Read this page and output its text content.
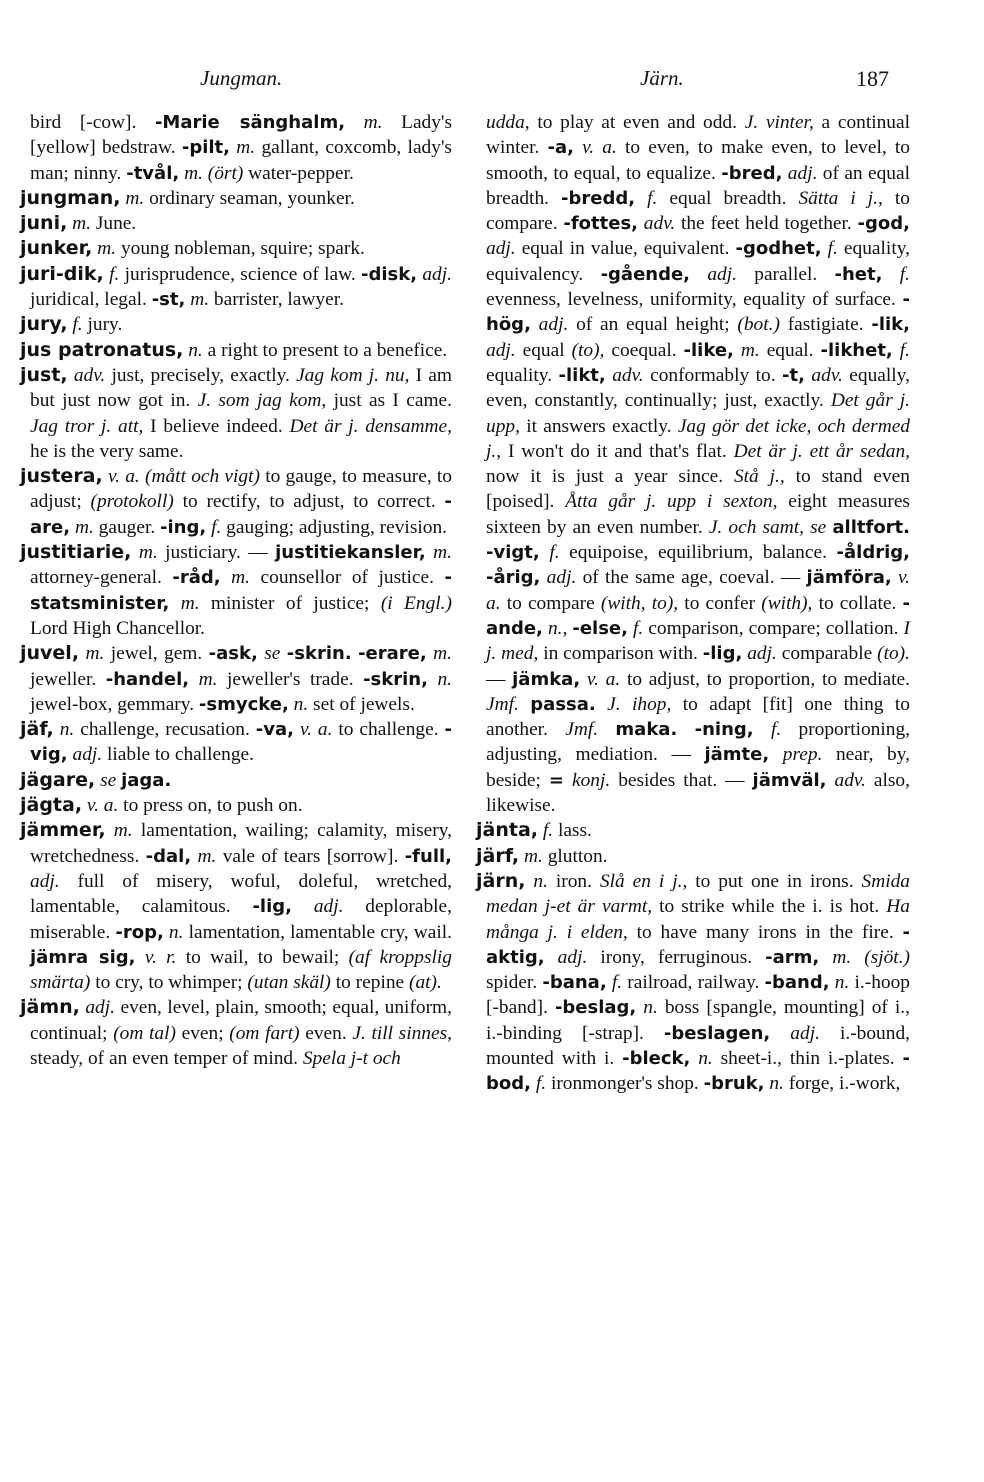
Jungman.	Järn.	187

bird [-cow]. -Marie sänghalm, m. Lady's [yellow] bedstraw. -pilt, m. gallant, coxcomb, lady's man; ninny. -tvål, m. (ört) water-pepper.

jungman, m. ordinary seaman, younker.

juni, m. June.

junker, m. young nobleman, squire; spark.

juri-dik, f. jurisprudence, science of law. -disk, adj. juridical, legal. -st, m. barrister, lawyer.

jury, f. jury.

jus patronatus, n. a right to present to a benefice.

just, adv. just, precisely, exactly. Jag kom j. nu, I am but just now got in. J. som jag kom, just as I came. Jag tror j. att, I believe indeed. Det är j. densamme, he is the very same.

justera, v. a. (mått och vigt) to gauge, to measure, to adjust; (protokoll) to rectify, to adjust, to correct. -are, m. gauger. -ing, f. gauging; adjusting, revision.

justitiarie, m. justiciary. — justitiekansler, m. attorney-general. -råd, m. counsellor of justice. -statsminister, m. minister of justice; (i Engl.) Lord High Chancellor.

juvel, m. jewel, gem. -ask, se -skrin. -erare, m. jeweller. -handel, m. jeweller's trade. -skrin, n. jewel-box, gemmary. -smycke, n. set of jewels.

jäf, n. challenge, recusation. -va, v. a. to challenge. -vig, adj. liable to challenge.

jägare, se jaga.

jägta, v. a. to press on, to push on.

jämmer, m. lamentation, wailing; calamity, misery, wretchedness. -dal, m. vale of tears [sorrow]. -full, adj. full of misery, woful, doleful, wretched, lamentable, calamitous. -lig, adj. deplorable, miserable. -rop, n. lamentation, lamentable cry, wail. jämra sig, v. r. to wail, to bewail; (af kroppslig smärta) to cry, to whimper; (utan skäl) to repine (at).

jämn, adj. even, level, plain, smooth; equal, uniform, continual; (om tal) even; (om fart) even. J. till sinnes, steady, of an even temper of mind. Spela j-t och

udda, to play at even and odd. J. vinter, a continual winter. -a, v. a. to even, to make even, to level, to smooth, to equal, to equalize. -bred, adj. of an equal breadth. -bredd, f. equal breadth. Sätta i j., to compare. -fottes, adv. the feet held together. -god, adj. equal in value, equivalent. -godhet, f. equality, equivalency. -gående, adj. parallel. -het, f. evenness, levelness, uniformity, equality of surface. -hög, adj. of an equal height; (bot.) fastigiate. -lik, adj. equal (to), coequal. -like, m. equal. -likhet, f. equality. -likt, adv. conformably to. -t, adv. equally, even, constantly, continually; just, exactly. Det går j. upp, it answers exactly. Jag gör det icke, och dermed j., I won't do it and that's flat. Det är j. ett år sedan, now it is just a year since. Stå j., to stand even [poised]. Åtta går j. upp i sexton, eight measures sixteen by an even number. J. och samt, se alltfort. -vigt, f. equipoise, equilibrium, balance. -åldrig, -årig, adj. of the same age, coeval. — jämföra, v. a. to compare (with, to), to confer (with), to collate. -ande, n., -else, f. comparison, compare; collation. I j. med, in comparison with. -lig, adj. comparable (to). — jämka, v. a. to adjust, to proportion, to mediate. Jmf. passa. J. ihop, to adapt [fit] one thing to another. Jmf. maka. -ning, f. proportioning, adjusting, mediation. — jämte, prep. near, by, beside; = konj. besides that. — jämväl, adv. also, likewise.

jänta, f. lass.

järf, m. glutton.

järn, n. iron. Slå en i j., to put one in irons. Smida medan j-et är varmt, to strike while the i. is hot. Ha många j. i elden, to have many irons in the fire. -aktig, adj. irony, ferruginous. -arm, m. (sjöt.) spider. -bana, f. railroad, railway. -band, n. i.-hoop [-band]. -beslag, n. boss [spangle, mounting] of i., i.-binding [-strap]. -beslagen, adj. i.-bound, mounted with i. -bleck, n. sheet-i., thin i.-plates. -bod, f. ironmonger's shop. -bruk, n. forge, i.-work,
